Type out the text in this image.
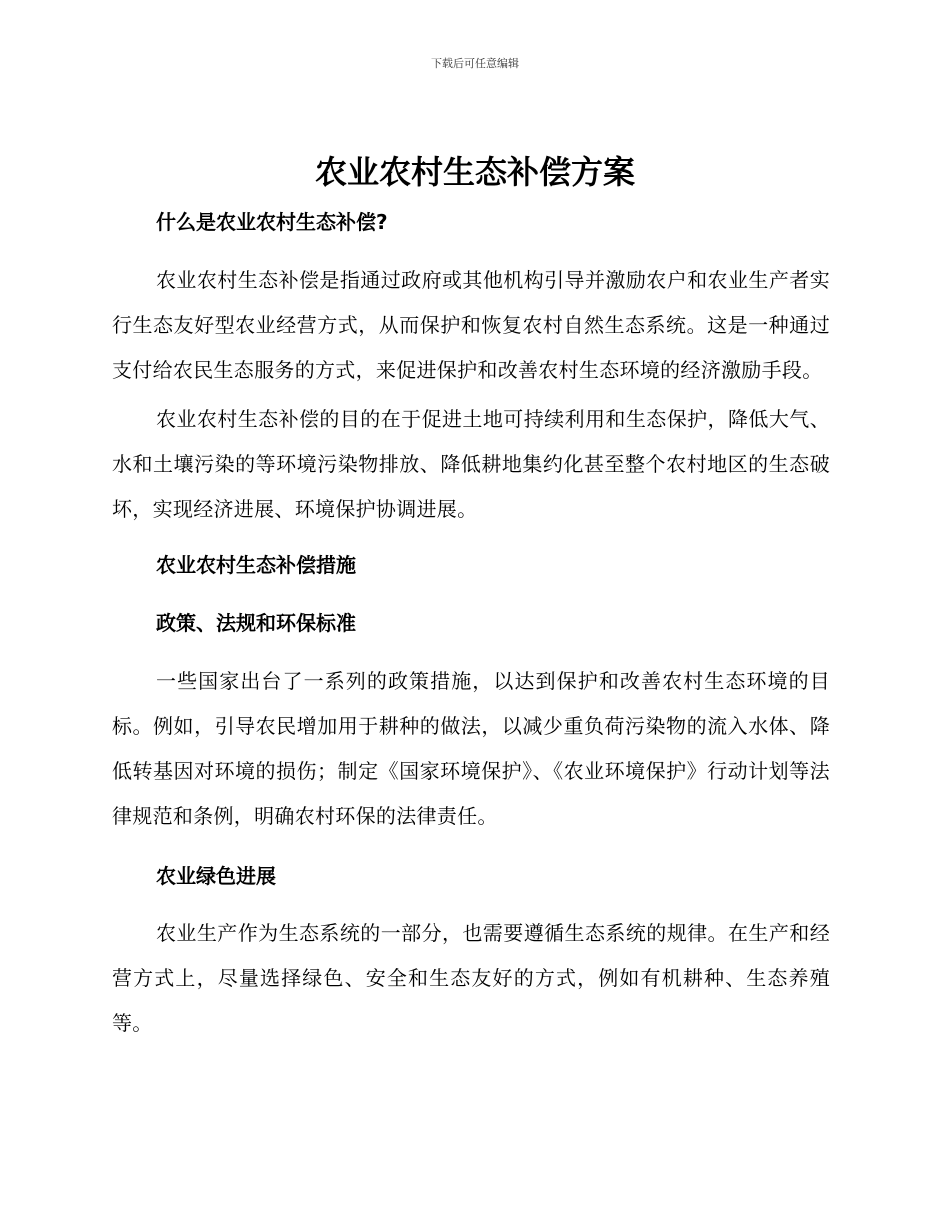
下载后可任意编辑
农业农村生态补偿方案

什么是农业农村生态补偿?

农业农村生态补偿是指通过政府或其他机构引导并激励农户和农业生产者实行生态友好型农业经营方式，从而保护和恢复农村自然生态系统。这是一种通过支付给农民生态服务的方式，来促进保护和改善农村生态环境的经济激励手段。

农业农村生态补偿的目的在于促进土地可持续利用和生态保护，降低大气、水和土壤污染的等环境污染物排放、降低耕地集约化甚至整个农村地区的生态破坏，实现经济进展、环境保护协调进展。

农业农村生态补偿措施

政策、法规和环保标准

一些国家出台了一系列的政策措施，以达到保护和改善农村生态环境的目标。例如，引导农民增加用于耕种的做法，以减少重负荷污染物的流入水体、降低转基因对环境的损伤；制定《国家环境保护》、《农业环境保护》行动计划等法律规范和条例，明确农村环保的法律责任。

农业绿色进展

农业生产作为生态系统的一部分，也需要遵循生态系统的规律。在生产和经营方式上，尽量选择绿色、安全和生态友好的方式，例如有机耕种、生态养殖等。
